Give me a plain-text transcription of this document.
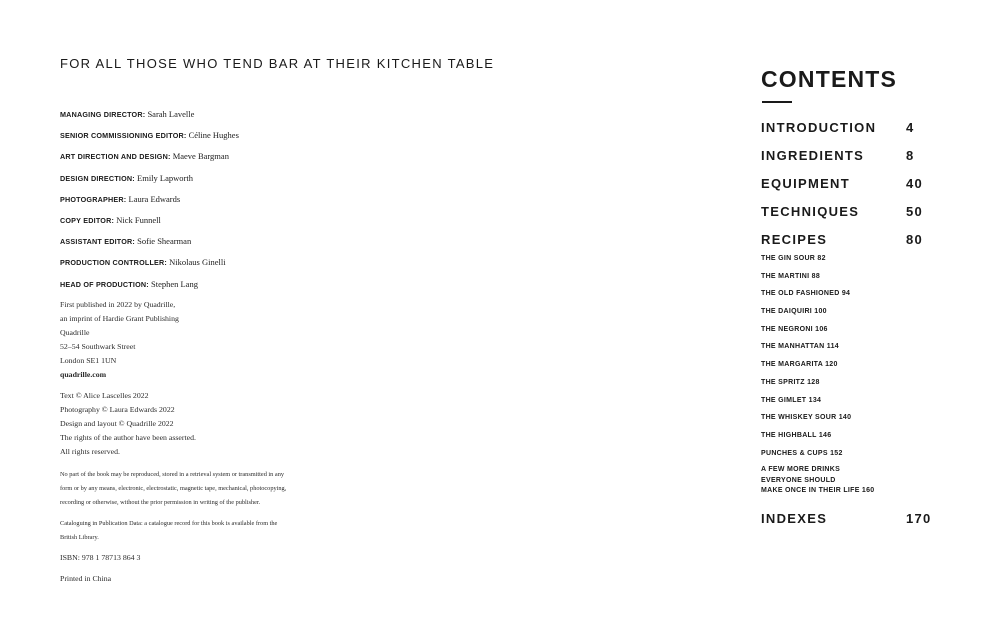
FOR ALL THOSE WHO TEND BAR AT THEIR KITCHEN TABLE
MANAGING DIRECTOR: Sarah Lavelle
SENIOR COMMISSIONING EDITOR: Céline Hughes
ART DIRECTION AND DESIGN: Maeve Bargman
DESIGN DIRECTION: Emily Lapworth
PHOTOGRAPHER: Laura Edwards
COPY EDITOR: Nick Funnell
ASSISTANT EDITOR: Sofie Shearman
PRODUCTION CONTROLLER: Nikolaus Ginelli
HEAD OF PRODUCTION: Stephen Lang
First published in 2022 by Quadrille,
an imprint of Hardie Grant Publishing
Quadrille
52–54 Southwark Street
London SE1 1UN
quadrille.com
Text © Alice Lascelles 2022
Photography © Laura Edwards 2022
Design and layout © Quadrille 2022
The rights of the author have been asserted.
All rights reserved.
No part of the book may be reproduced, stored in a retrieval system or transmitted in any
form or by any means, electronic, electrostatic, magnetic tape, mechanical, photocopying,
recording or otherwise, without the prior permission in writing of the publisher.
Cataloguing in Publication Data: a catalogue record for this book is available from the
British Library.
ISBN: 978 1 78713 864 3
Printed in China
CONTENTS
INTRODUCTION 4
INGREDIENTS	8
EQUIPMENT	40
TECHNIQUES	50
RECIPES	80
THE GIN SOUR 82
THE MARTINI 88
THE OLD FASHIONED 94
THE DAIQUIRI 100
THE NEGRONI 106
THE MANHATTAN 114
THE MARGARITA 120
THE SPRITZ 128
THE GIMLET 134
THE WHISKEY SOUR 140
THE HIGHBALL 146
PUNCHES & CUPS 152
A FEW MORE DRINKS
EVERYONE SHOULD
MAKE ONCE IN THEIR LIFE 160
INDEXES	170
